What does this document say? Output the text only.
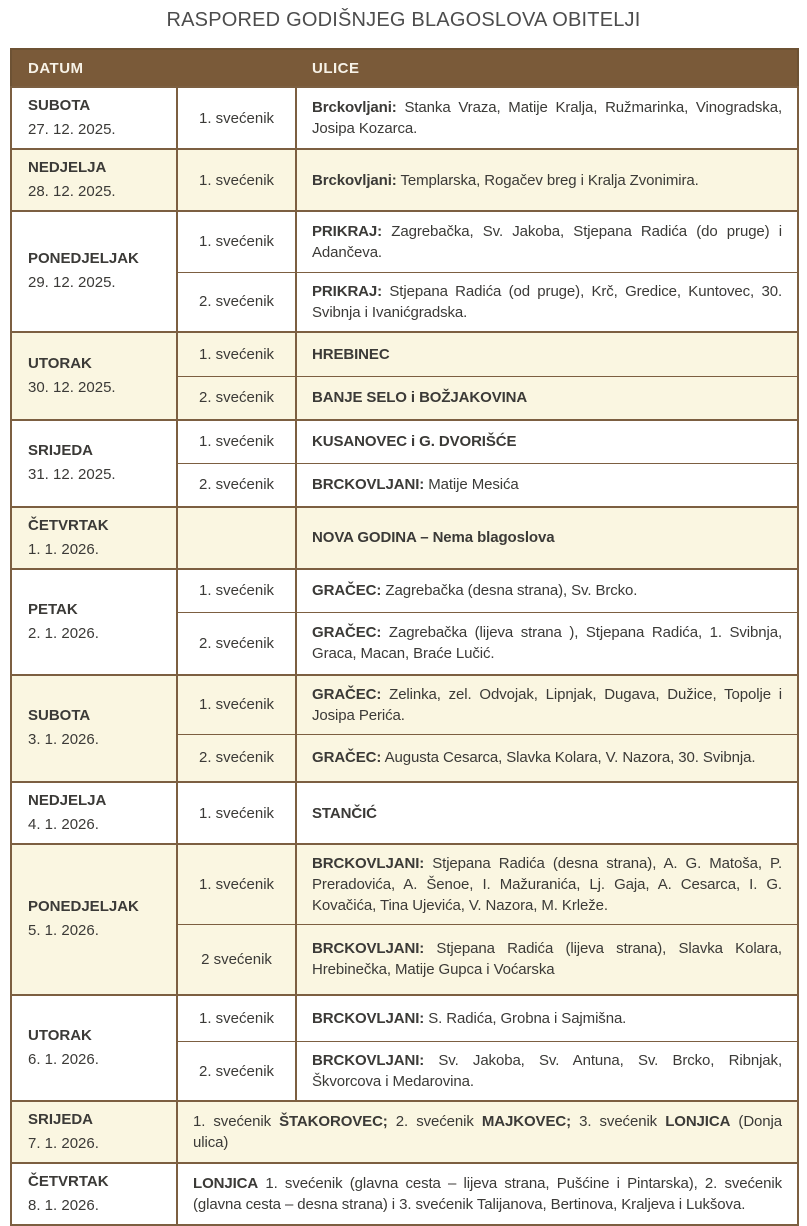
RASPORED GODIŠNJEG BLAGOSLOVA OBITELJI
DATUM		ULICE

SUBOTA
27. 12. 2025.	1. svećenik	Brckovljani: Stanka Vraza, Matije Kralja, Ružmarinka, Vinogradska, Josipa Kozarca.

NEDJELJA
28. 12. 2025.	1. svećenik	Brckovljani: Templarska, Rogačev breg i Kralja Zvonimira.

PONEDJELJAK
29. 12. 2025.	1. svećenik	PRIKRAJ: Zagrebačka, Sv. Jakoba, Stjepana Radića (do pruge) i Adančeva.
	2. svećenik	PRIKRAJ: Stjepana Radića (od pruge), Krč, Gredice, Kuntovec, 30. Svibnja i Ivanićgradska.

UTORAK
30. 12. 2025.	1. svećenik	HREBINEC
	2. svećenik	BANJE SELO i BOŽJAKOVINA

SRIJEDA
31. 12. 2025.	1. svećenik	KUSANOVEC i G. DVORIŠĆE
	2. svećenik	BRCKOVLJANI: Matije Mesića

ČETVRTAK
1. 1. 2026.		NOVA GODINA – Nema blagoslova

PETAK
2. 1. 2026.	1. svećenik	GRAČEC: Zagrebačka (desna strana), Sv. Brcko.
	2. svećenik	GRAČEC: Zagrebačka (lijeva strana ), Stjepana Radića, 1. Svibnja, Graca, Macan, Braće Lučić.

SUBOTA
3. 1. 2026.	1. svećenik	GRAČEC: Zelinka, zel. Odvojak, Lipnjak, Dugava, Dužice, Topolje i Josipa Perića.
	2. svećenik	GRAČEC: Augusta Cesarca, Slavka Kolara, V. Nazora, 30. Svibnja.

NEDJELJA
4. 1. 2026.	1. svećenik	STANČIĆ

PONEDJELJAK
5. 1. 2026.	1. svećenik	BRCKOVLJANI: Stjepana Radića (desna strana), A. G. Matoša, P. Preradovića, A. Šenoe, I. Mažuranića, Lj. Gaja, A. Cesarca, I. G. Kovačića, Tina Ujevića, V. Nazora, M. Krleže.
	2 svećenik	BRCKOVLJANI: Stjepana Radića (lijeva strana), Slavka Kolara, Hrebinečka, Matije Gupca i Voćarska

UTORAK
6. 1. 2026.	1. svećenik	BRCKOVLJANI: S. Radića, Grobna i Sajmišna.
	2. svećenik	BRCKOVLJANI: Sv. Jakoba, Sv. Antuna, Sv. Brcko, Ribnjak, Škvorcova i Medarovina.

SRIJEDA
7. 1. 2026.	1. svećenik ŠTAKOROVEC; 2. svećenik MAJKOVEC; 3. svećenik LONJICA (Donja ulica)	

ČETVRTAK
8. 1. 2026.	LONJICA 1. svećenik (glavna cesta – lijeva strana, Pušćine i Pintarska), 2. svećenik (glavna cesta – desna strana) i 3. svećenik Talijanova, Bertinova, Kraljeva i Lukšova.	
